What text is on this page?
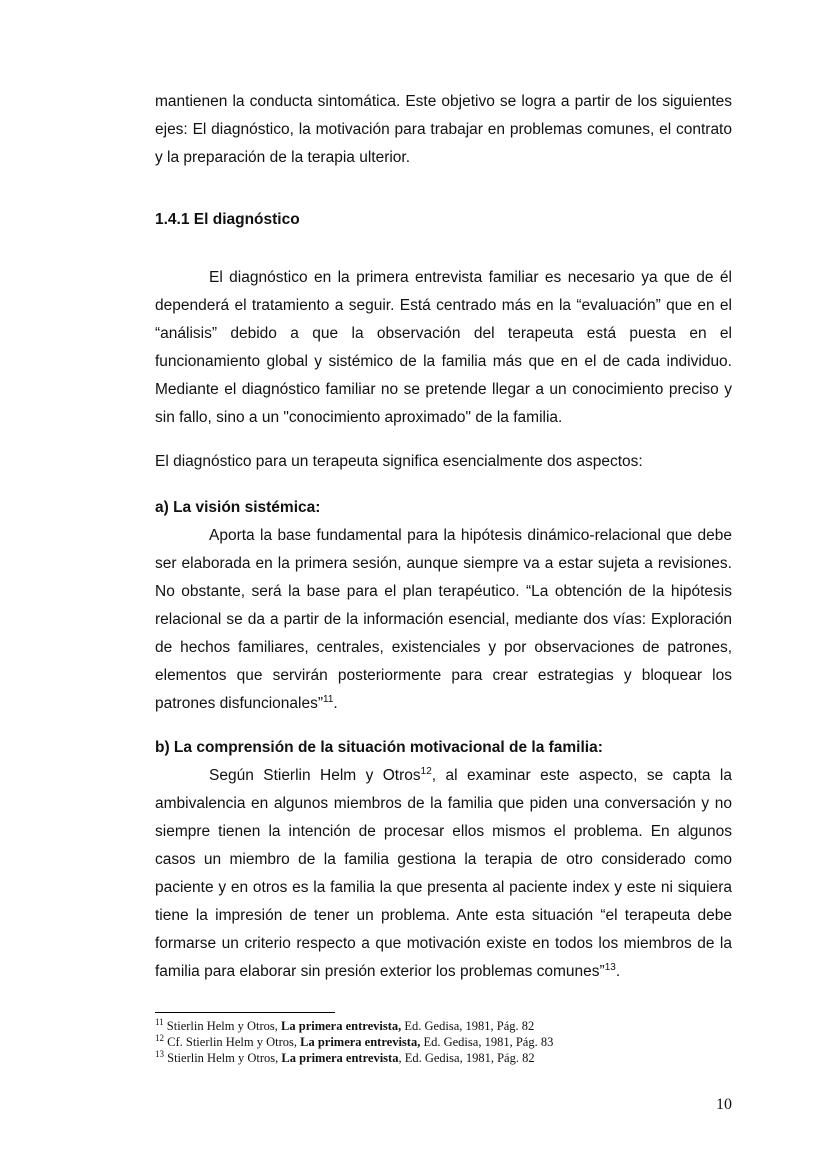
mantienen la conducta sintomática. Este objetivo se logra a partir de los siguientes ejes: El diagnóstico, la motivación para trabajar en problemas comunes, el contrato y la preparación de la terapia ulterior.

1.4.1 El diagnóstico

El diagnóstico en la primera entrevista familiar es necesario ya que de él dependerá el tratamiento a seguir. Está centrado más en la “evaluación” que en el “análisis” debido a que la observación del terapeuta está puesta en el funcionamiento global y sistémico de la familia más que en el de cada individuo. Mediante el diagnóstico familiar no se pretende llegar a un conocimiento preciso y sin fallo, sino a un "conocimiento aproximado" de la familia.

El diagnóstico para un terapeuta significa esencialmente dos aspectos:

a) La visión sistémica:

Aporta la base fundamental para la hipótesis dinámico-relacional que debe ser elaborada en la primera sesión, aunque siempre va a estar sujeta a revisiones. No obstante, será la base para el plan terapéutico. “La obtención de la hipótesis relacional se da a partir de la información esencial, mediante dos vías: Exploración de hechos familiares, centrales, existenciales y por observaciones de patrones, elementos que servirán posteriormente para crear estrategias y bloquear los patrones disfuncionales”$^{11}$.

b) La comprensión de la situación motivacional de la familia:

Según Stierlin Helm y Otros$^{12}$, al examinar este aspecto, se capta la ambivalencia en algunos miembros de la familia que piden una conversación y no siempre tienen la intención de procesar ellos mismos el problema. En algunos casos un miembro de la familia gestiona la terapia de otro considerado como paciente y en otros es la familia la que presenta al paciente index y este ni siquiera tiene la impresión de tener un problema. Ante esta situación “el terapeuta debe formarse un criterio respecto a que motivación existe en todos los miembros de la familia para elaborar sin presión exterior los problemas comunes”$^{13}$.

$^{11}$ Stierlin Helm y Otros, La primera entrevista, Ed. Gedisa, 1981, Pág. 82
$^{12}$ Cf. Stierlin Helm y Otros, La primera entrevista, Ed. Gedisa, 1981, Pág. 83
$^{13}$ Stierlin Helm y Otros, La primera entrevista, Ed. Gedisa, 1981, Pág. 82
10
